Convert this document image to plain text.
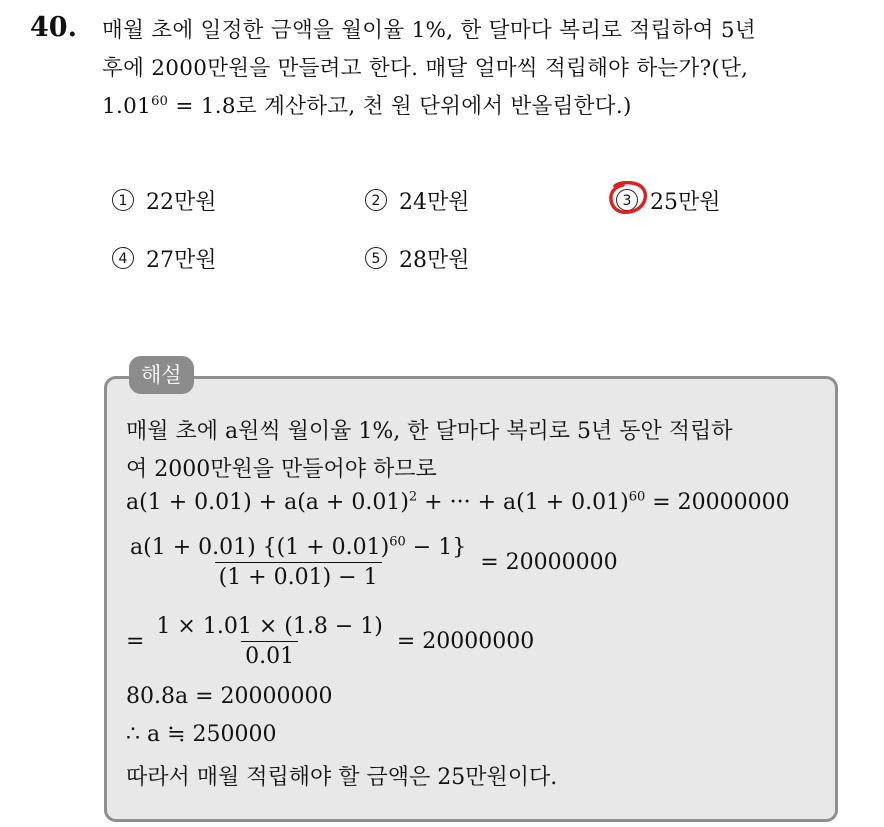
40. 매월 초에 일정한 금액을 월이율 1%, 한 달마다 복리로 적립하여 5년
후에 2000만원을 만들려고 한다. 매달 얼마씩 적립해야 하는가?(단,
$1.01^{60} = 1.8$로 계산하고, 천 원 단위에서 반올림한다.)
1 22만원	2 24만원	3 25만원
4 27만원	5 28만원
해설
매월 초에 a원씩 월이율 1%, 한 달마다 복리로 5년 동안 적립하
여 2000만원을 만들어야 하므로
$a(1 + 0.01) + a(a + 0.01)^2$ + ··· + $a(1 + 0.01)^{60} = 20000000$
$\frac{a(1 + 0.01) \{(1 + 0.01)^{60} - 1\}}{(1 + 0.01) - 1} = 20000000$
= $\frac{1 \times 1.01 \times (1.8 - 1)}{0.01} = 20000000$
80.8a = 20000000
∴ a ≒ 250000
따라서 매월 적립해야 할 금액은 25만원이다.
